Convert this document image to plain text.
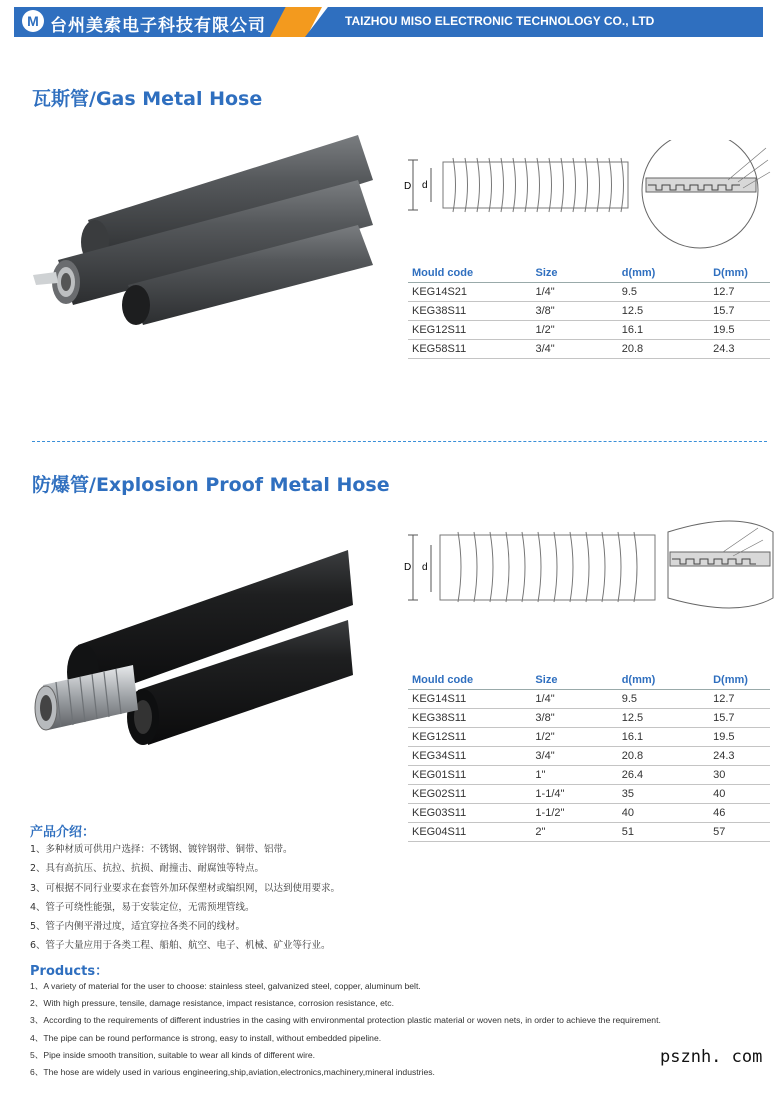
M 台州美索电子科技有限公司	TAIZHOU MISO ELECTRONIC TECHNOLOGY CO., LTD
瓦斯管/Gas Metal Hose
D d
Mould code	Size	d(mm)	D(mm)
KEG14S21	1/4"	9.5	12.7
KEG38S11	3/8"	12.5	15.7
KEG12S11	1/2"	16.1	19.5
KEG58S11	3/4"	20.8	24.3
防爆管/Explosion Proof Metal Hose
D d
Mould code	Size	d(mm)	D(mm)
KEG14S11	1/4"	9.5	12.7
KEG38S11	3/8"	12.5	15.7
KEG12S11	1/2"	16.1	19.5
KEG34S11	3/4"	20.8	24.3
KEG01S11	1"	26.4	30
KEG02S11	1-1/4"	35	40
KEG03S11	1-1/2"	40	46
KEG04S11	2"	51	57
产品介绍：
1、多种材质可供用户选择：不锈钢、镀锌钢带、铜带、铝带。
2、具有高抗压、抗拉、抗损、耐撞击、耐腐蚀等特点。
3、可根据不同行业要求在套管外加环保塑材或编织网，以达到使用要求。
4、管子可绕性能强，易于安装定位，无需预埋管线。
5、管子内侧平滑过度，适宜穿拉各类不同的线材。
6、管子大量应用于各类工程、船舶、航空、电子、机械、矿业等行业。
Products：
1、A variety of material for the user to choose: stainless steel, galvanized steel, copper, aluminum belt.
2、With high pressure, tensile, damage resistance, impact resistance, corrosion resistance, etc.
3、According to the requirements of different industries in the casing with environmental protection plastic material or woven nets, in order to achieve the requirement.
4、The pipe can be round performance is strong, easy to install, without embedded pipeline.
5、Pipe inside smooth transition, suitable to wear all kinds of different wire.
6、The hose are widely used in various engineering,ship,aviation,electronics,machinery,mineral industries.
psznh. com
